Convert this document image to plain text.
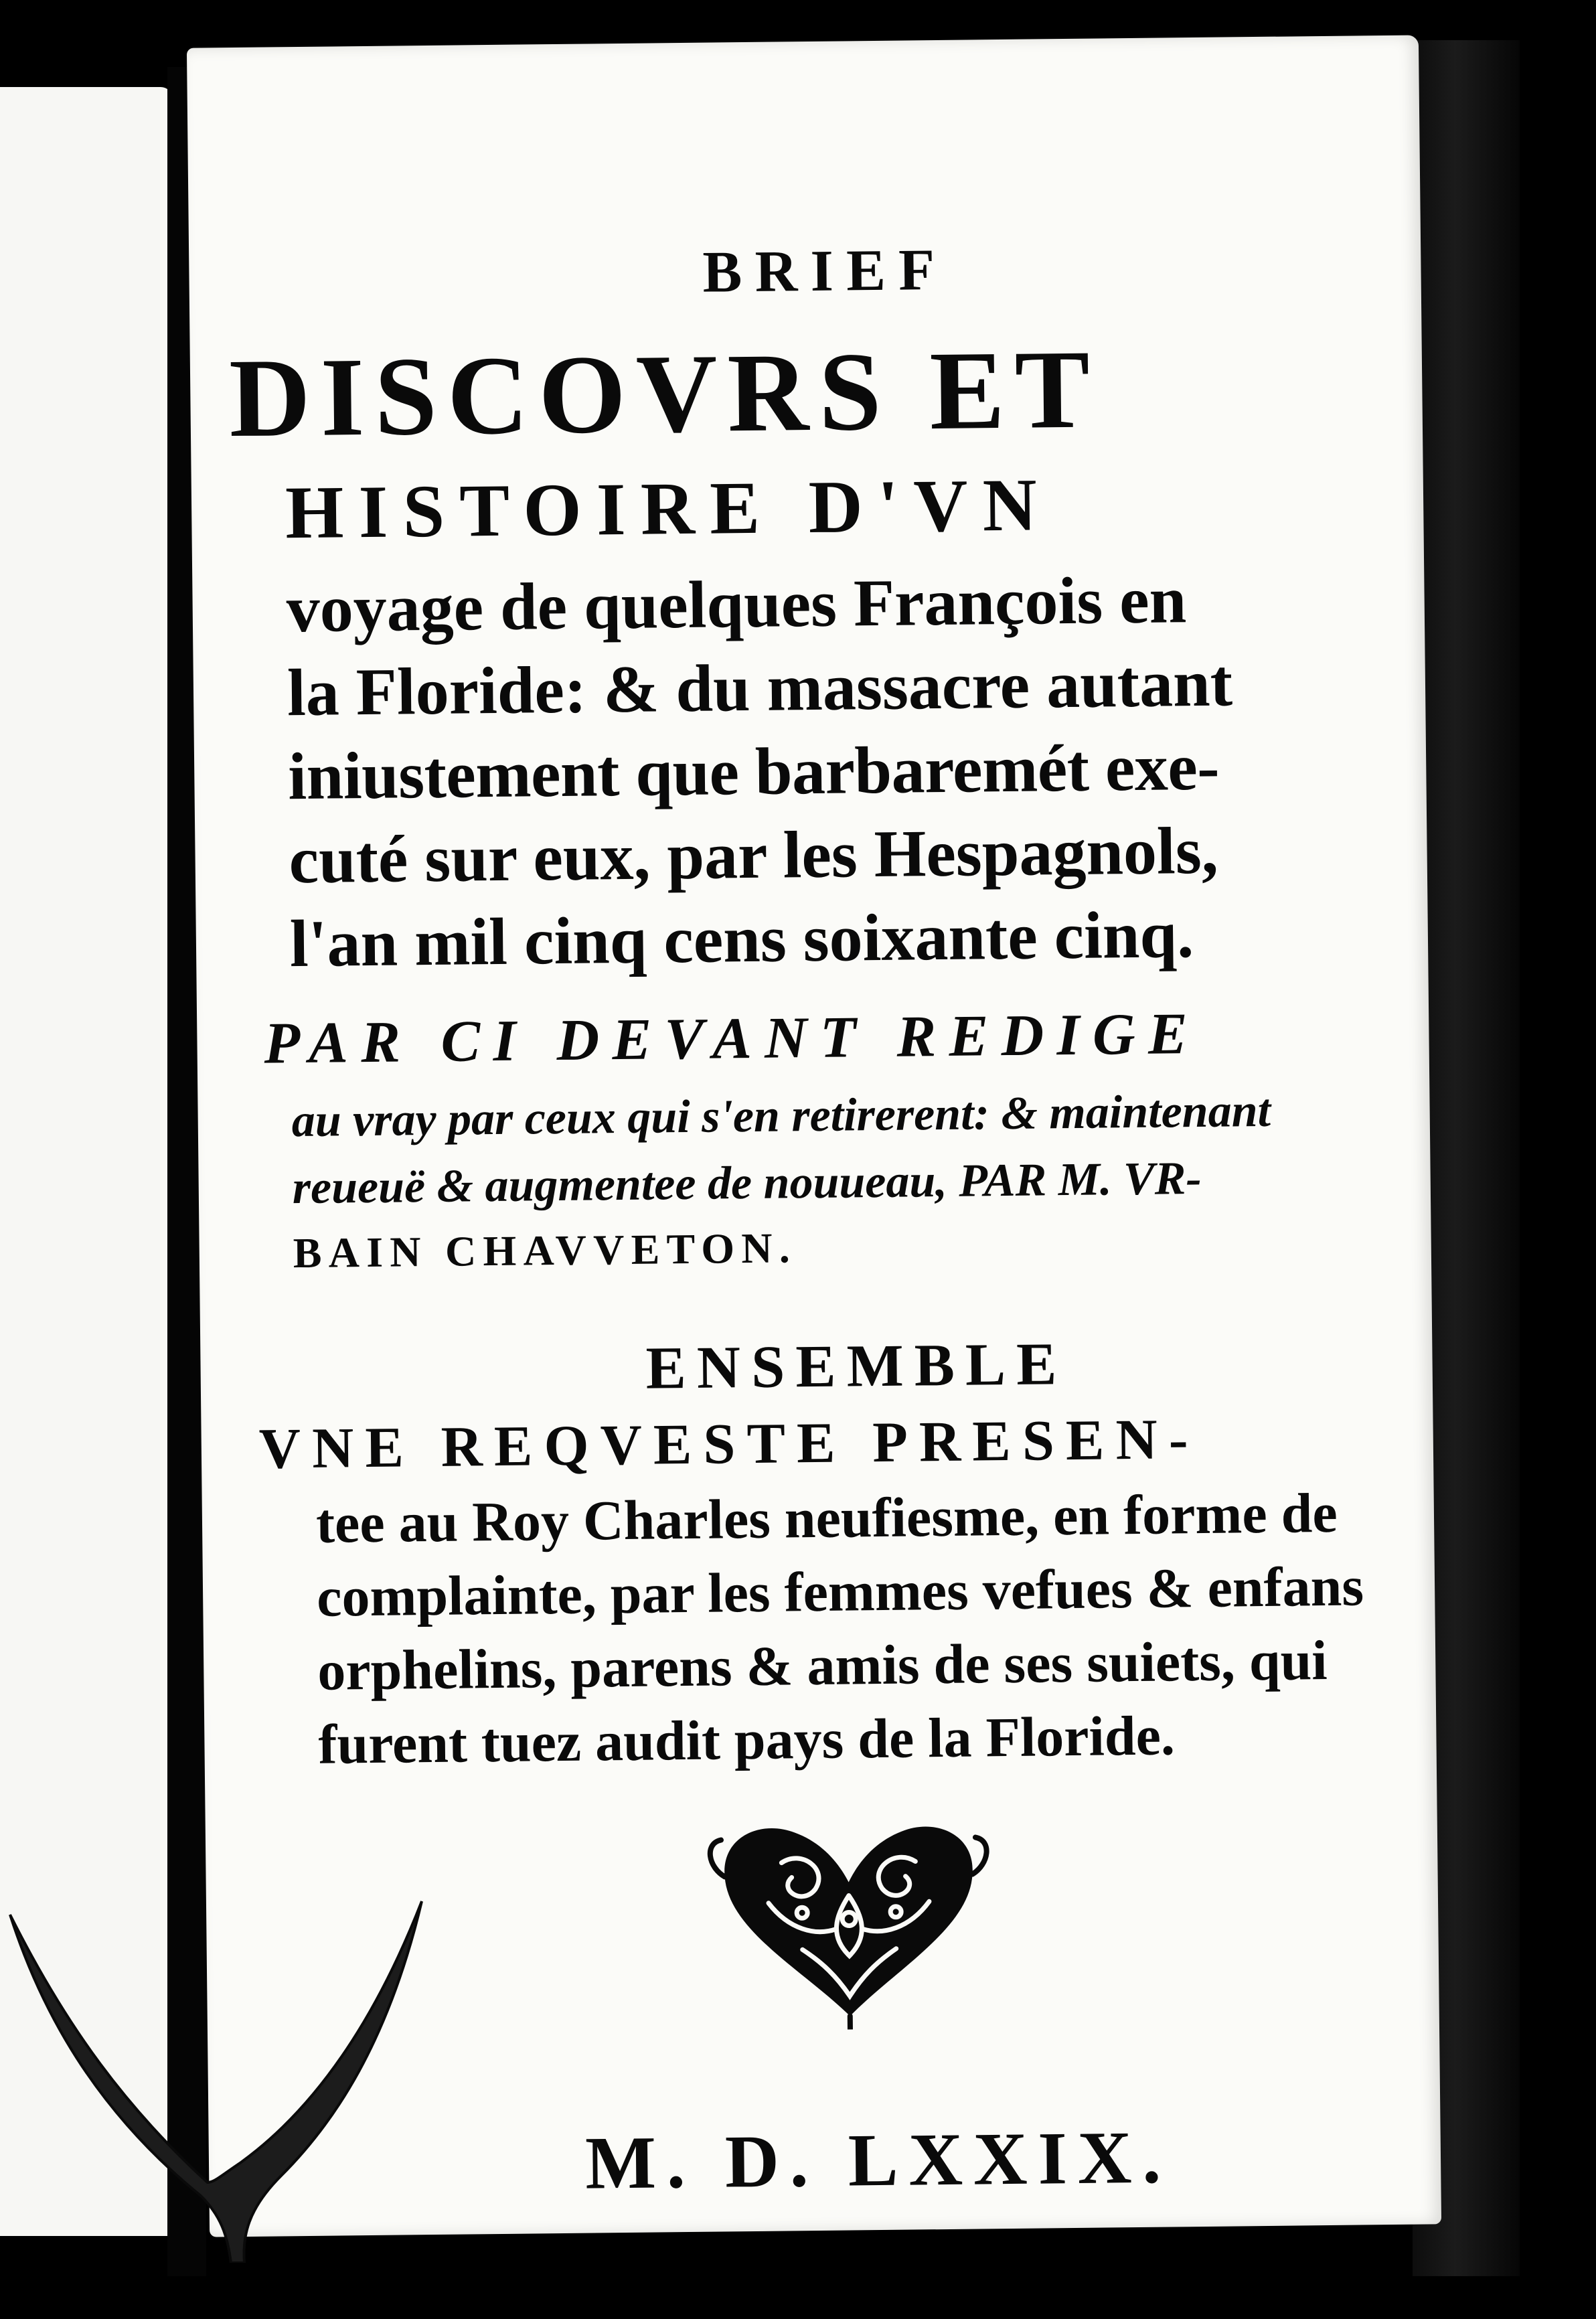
BRIEF
DISCOVRS ET
HISTOIRE D'VN
voyage de quelques François en
la Floride: & du massacre autant
iniustement que barbaremét exe-
cuté sur eux, par les Hespagnols,
l'an mil cinq cens soixante cinq.
PAR CI DEVANT REDIGE
au vray par ceux qui s'en retirerent: & maintenant
reueuë & augmentee de nouueau, PAR M. VR-
BAIN CHAVVETON.
ENSEMBLE
VNE REQVESTE PRESEN-
tee au Roy Charles neufiesme, en forme de
complainte, par les femmes vefues & enfans
orphelins, parens & amis de ses suiets, qui
furent tuez audit pays de la Floride.
M. D. LXXIX.
